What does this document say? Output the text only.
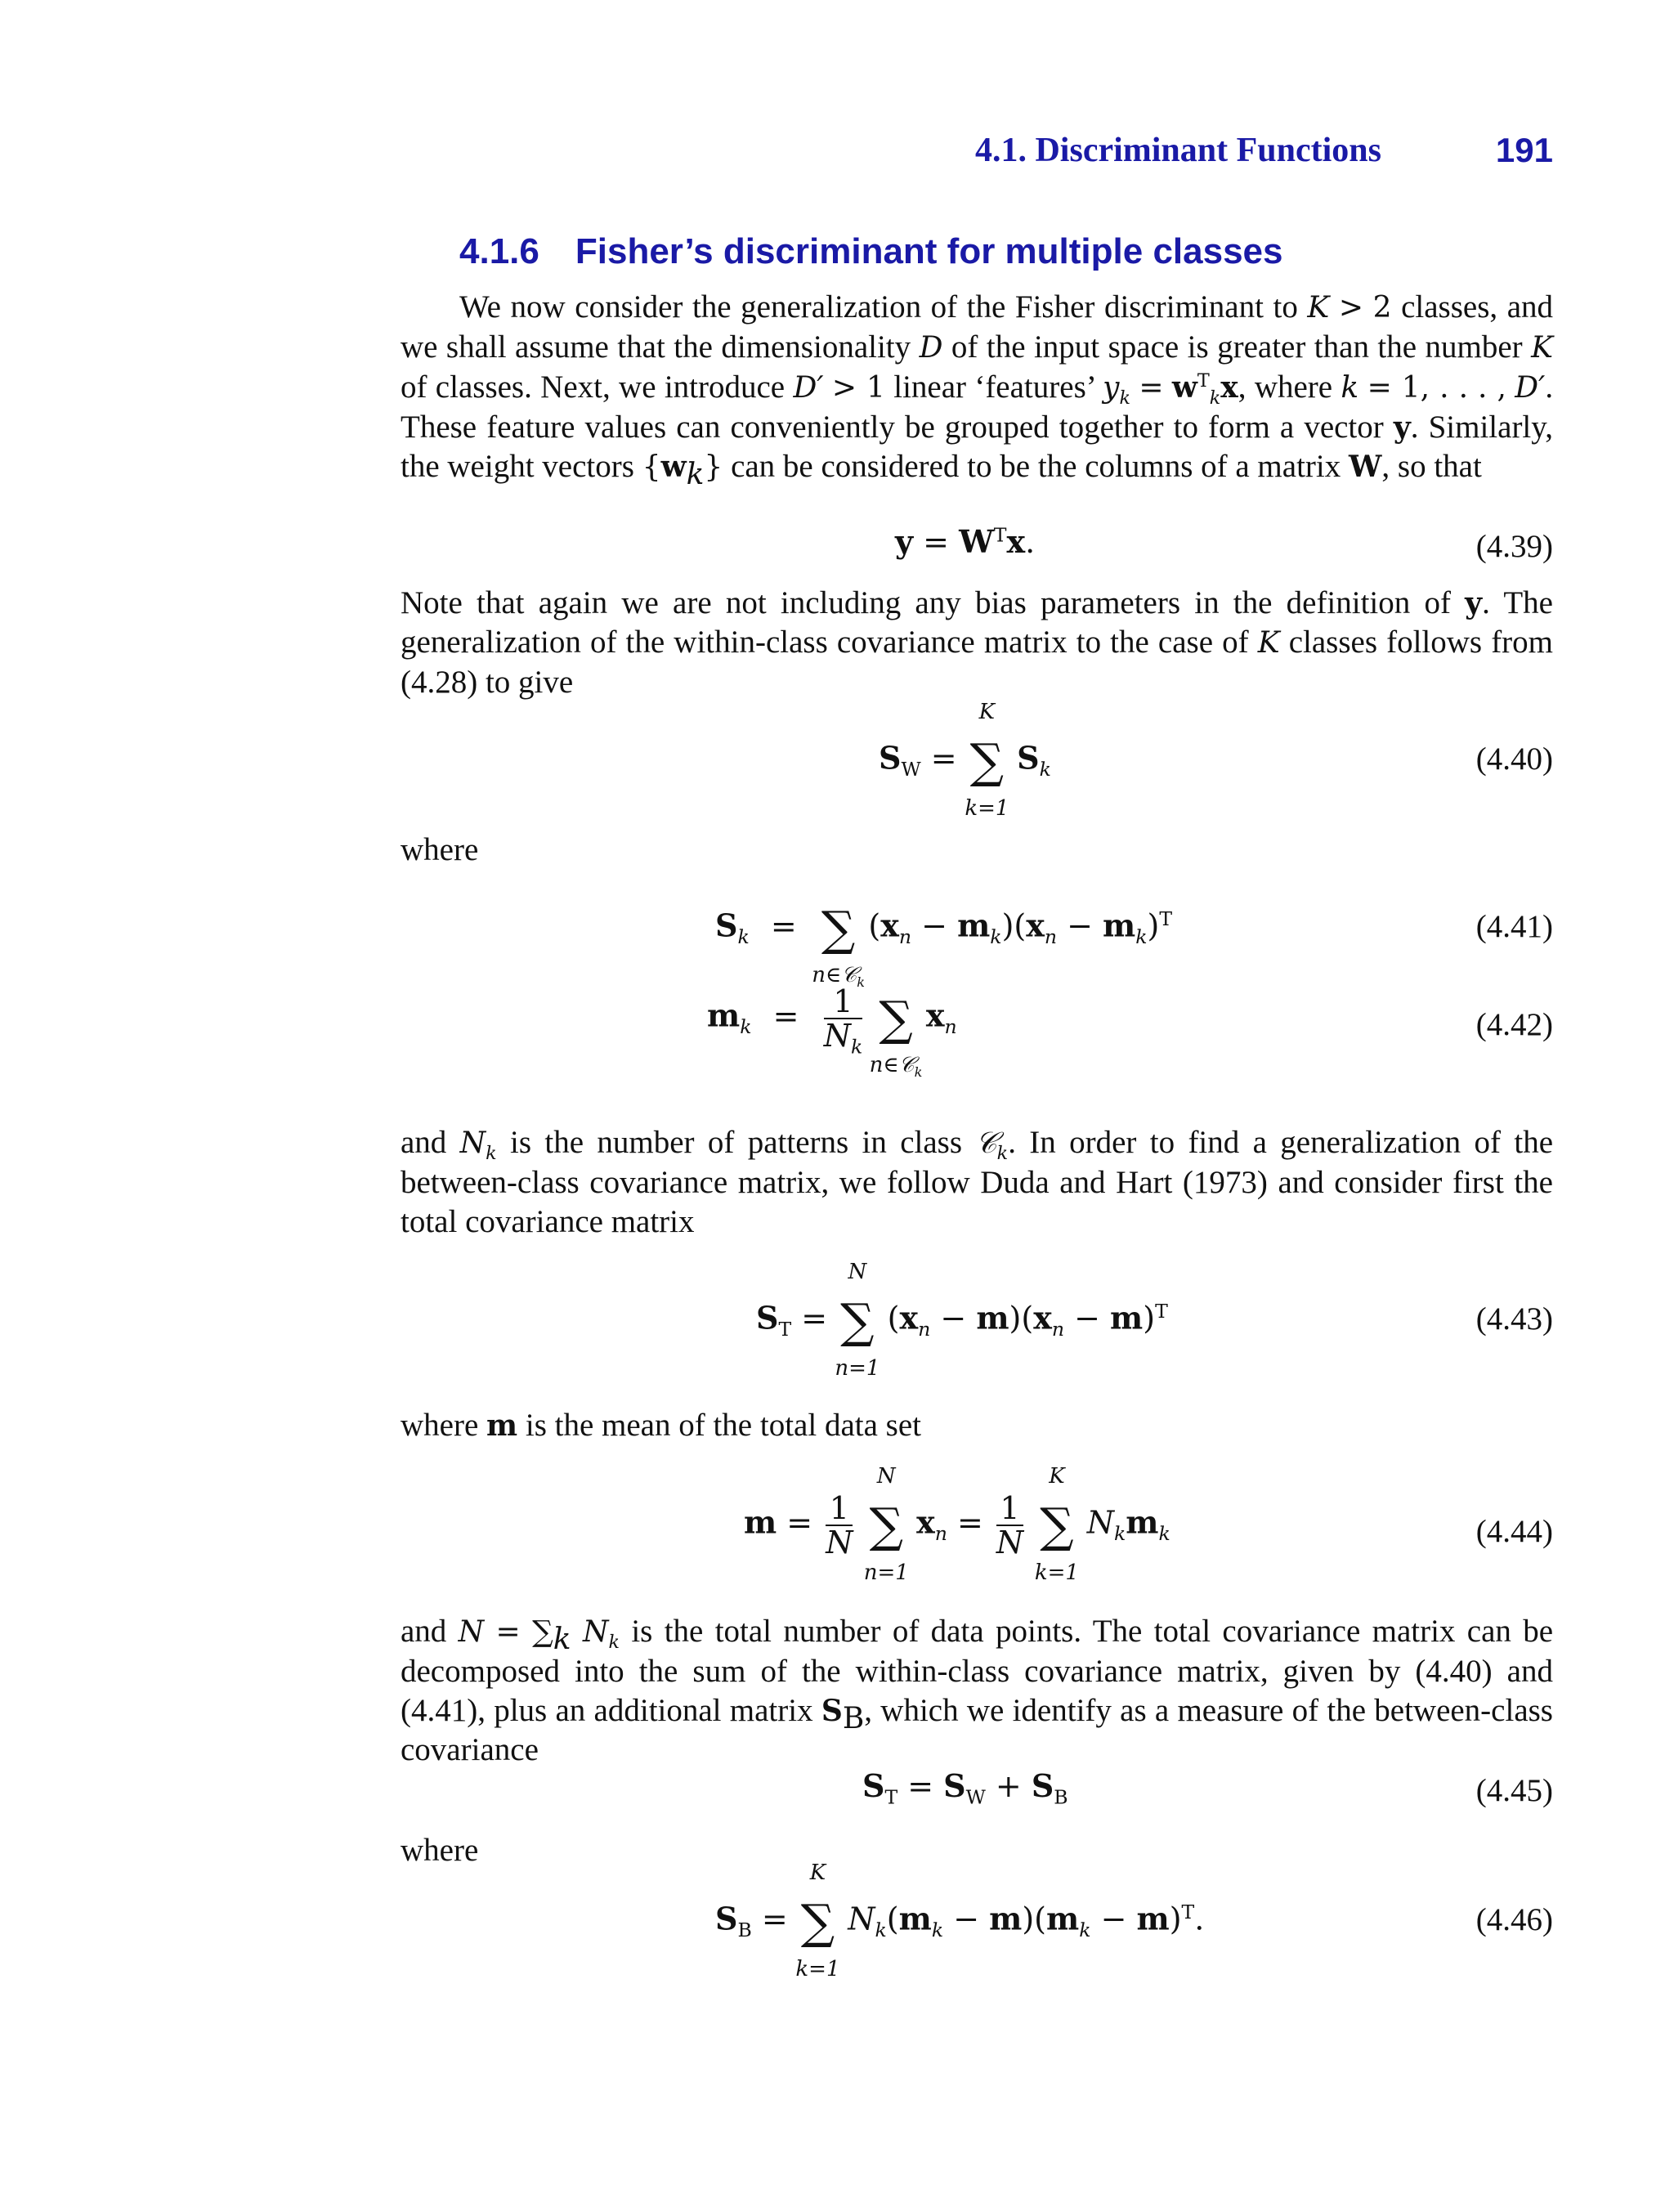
4.1. Discriminant Functions	191
4.1.6 Fisher’s discriminant for multiple classes

We now consider the generalization of the Fisher discriminant to K > 2 classes, and we shall assume that the dimensionality D of the input space is greater than the number K of classes. Next, we introduce D′ > 1 linear ‘features’ $y_k = w^T_kx$, where k = 1, . . . , D′. These feature values can conveniently be grouped together to form a vector y. Similarly, the weight vectors $\{w_k\}$ can be considered to be the columns of a matrix W, so that

$y = W^Tx$.	(4.39)

Note that again we are not including any bias parameters in the definition of y. The generalization of the within-class covariance matrix to the case of K classes follows from (4.28) to give

$S_W$ =
K
∑
k=1
$S_k$	(4.40)

where

$S_k$ = ∑
n∈𝒞$_k$
$(x_n - m_k)(x_n - m_k)^T$	(4.41)
$m_k = \frac{1}{N_k}$
∑
n∈𝒞$_k$
$x_n$	(4.42)

and $N_k$ is the number of patterns in class 𝒞$_k$. In order to find a generalization of the between-class covariance matrix, we follow Duda and Hart (1973) and consider first the total covariance matrix

$S_T$ =
N
∑
n=1
$(x_n - m)(x_n - m)^T$	(4.43)

where m is the mean of the total data set

$m = \frac{1}{N}$

N
∑
n=1
$x_n = \frac{1}{N}$

K
∑
k=1
$N_km_k$	(4.44)

and $N = \sum_k$ $N_k$ is the total number of data points. The total covariance matrix can be decomposed into the sum of the within-class covariance matrix, given by (4.40) and (4.41), plus an additional matrix $S_B$, which we identify as a measure of the between-class covariance

$S_T = S_W + S_B$	(4.45)

where

$S_B$ =
K
∑
k=1
$N_k(m_k - m)(m_k - m)^T$.	(4.46)
